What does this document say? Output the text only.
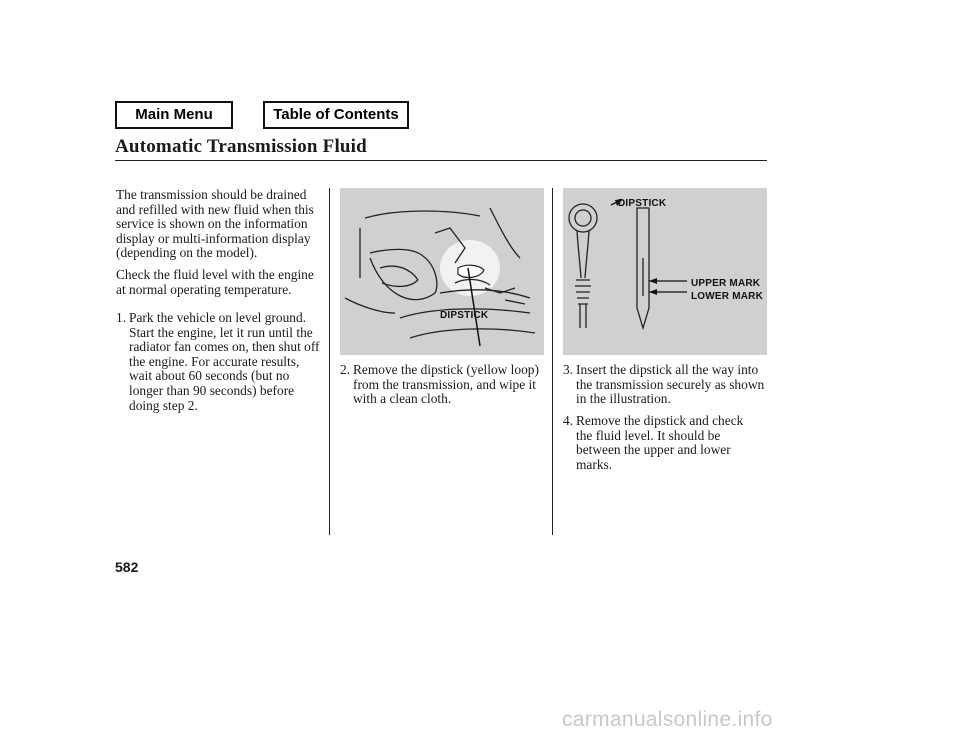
Main Menu	Table of Contents
Automatic Transmission Fluid
The transmission should be drained and refilled with new fluid when this service is shown on the information display or multi-information display (depending on the model).
Check the fluid level with the engine at normal operating temperature.
1. Park the vehicle on level ground. Start the engine, let it run until the radiator fan comes on, then shut off the engine. For accurate results, wait about 60 seconds (but no longer than 90 seconds) before doing step 2.
DIPSTICK
2. Remove the dipstick (yellow loop) from the transmission, and wipe it with a clean cloth.
DIPSTICK
UPPER MARK
LOWER MARK
3. Insert the dipstick all the way into the transmission securely as shown in the illustration.
4. Remove the dipstick and check the fluid level. It should be between the upper and lower marks.
582
carmanualsonline.info
